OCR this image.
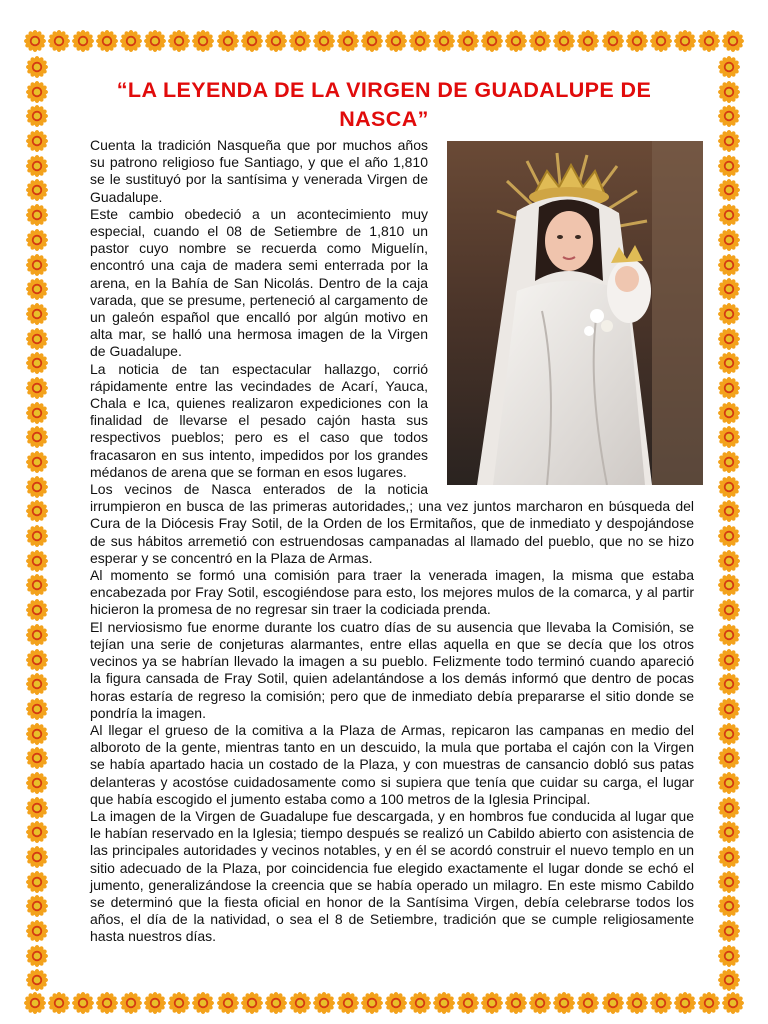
“LA LEYENDA DE LA VIRGEN DE GUADALUPE DE NASCA”

Cuenta la tradición Nasqueña que por muchos años su patrono religioso fue Santiago, y que el año 1,810 se le sustituyó por la santísima y venerada Virgen de Guadalupe.

Este cambio obedeció a un acontecimiento muy especial, cuando el 08 de Setiembre de 1,810 un pastor cuyo nombre se recuerda como Miguelín, encontró una caja de madera semi enterrada por la arena, en la Bahía de San Nicolás. Dentro de la caja varada, que se presume, perteneció al cargamento de un galeón español que encalló por algún motivo en alta mar, se halló una hermosa imagen de la Virgen de Guadalupe.

La noticia de tan espectacular hallazgo, corrió rápidamente entre las vecindades de Acarí, Yauca, Chala e Ica, quienes realizaron expediciones con la finalidad de llevarse el pesado cajón hasta sus respectivos pueblos; pero es el caso que todos fracasaron en sus intento, impedidos por los grandes médanos de arena que se forman en esos lugares.

Los vecinos de Nasca enterados de la noticia irrumpieron en busca de las primeras autoridades,; una vez juntos marcharon en búsqueda del Cura de la Diócesis Fray Sotil, de la Orden de los Ermitaños, que de inmediato y despojándose de sus hábitos arremetió con estruendosas campanadas al llamado del pueblo, que no se hizo esperar y se concentró en la Plaza de Armas.

Al momento se formó una comisión para traer la venerada imagen, la misma que estaba encabezada por Fray Sotil, escogiéndose para esto, los mejores mulos de la comarca, y al partir hicieron la promesa de no regresar sin traer la codiciada prenda.

El nerviosismo fue enorme durante los cuatro días de su ausencia que llevaba la Comisión, se tejían una serie de conjeturas alarmantes, entre ellas aquella en que se decía que los otros vecinos ya se habrían llevado la imagen a su pueblo. Felizmente todo terminó cuando apareció la figura cansada de Fray Sotil, quien adelantándose a los demás informó que dentro de pocas horas estaría de regreso la comisión; pero que de inmediato debía prepararse el sitio donde se pondría la imagen.

Al llegar el grueso de la comitiva a la Plaza de Armas, repicaron las campanas en medio del alboroto de la gente, mientras tanto en un descuido, la mula que portaba el cajón con la Virgen se había apartado hacia un costado de la Plaza, y con muestras de cansancio dobló sus patas delanteras y acostóse cuidadosamente como si supiera que tenía que cuidar su carga, el lugar que había escogido el jumento estaba como a 100 metros de la Iglesia Principal.

La imagen de la Virgen de Guadalupe fue descargada, y en hombros fue conducida al lugar que le habían reservado en la Iglesia; tiempo después se realizó un Cabildo abierto con asistencia de las principales autoridades y vecinos notables, y en él se acordó construir el nuevo templo en un sitio adecuado de la Plaza, por coincidencia fue elegido exactamente el lugar donde se echó el jumento, generalizándose la creencia que se había operado un milagro. En este mismo Cabildo se determinó que la fiesta oficial en honor de la Santísima Virgen, debía celebrarse todos los años, el día de la natividad, o sea el 8 de Setiembre, tradición que se cumple religiosamente hasta nuestros días.
